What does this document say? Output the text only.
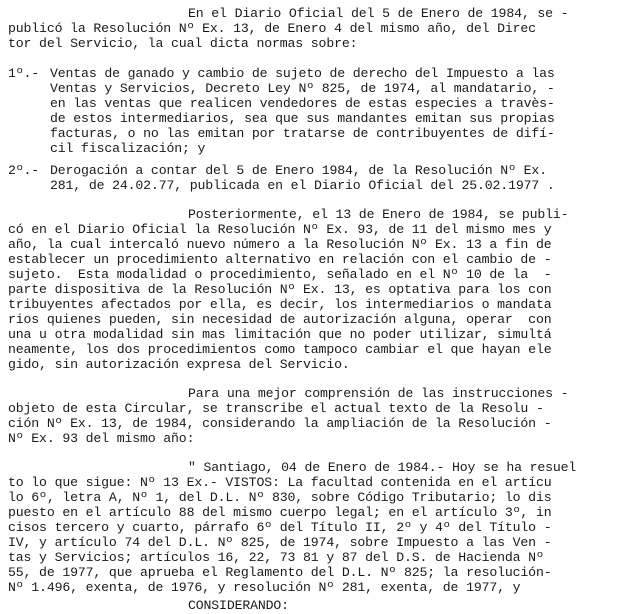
En el Diario Oficial del 5 de Enero de 1984, se -
publicó la Resolución Nº Ex. 13, de Enero 4 del mismo año, del Direc
tor del Servicio, la cual dicta normas sobre:
1º.- Ventas de ganado y cambio de sujeto de derecho del Impuesto a las
Ventas y Servicios, Decreto Ley Nº 825, de 1974, al mandatario, -
en las ventas que realicen vendedores de estas especies a travès-
de estos intermediarios, sea que sus mandantes emitan sus propias
facturas, o no las emitan por tratarse de contribuyentes de difí-
cil fiscalización; y
2º.- Derogación a contar del 5 de Enero 1984, de la Resolución Nº Ex.
281, de 24.02.77, publicada en el Diario Oficial del 25.02.1977 .
Posteriormente, el 13 de Enero de 1984, se publi-
có en el Diario Oficial la Resolución Nº Ex. 93, de 11 del mismo mes y
año, la cual intercaló nuevo número a la Resolución Nº Ex. 13 a fin de
establecer un procedimiento alternativo en relación con el cambio de -
sujeto.  Esta modalidad o procedimiento, señalado en el Nº 10 de la  -
parte dispositiva de la Resolución Nº Ex. 13, es optativa para los con
tribuyentes afectados por ella, es decir, los intermediarios o mandata
rios quienes pueden, sin necesidad de autorización alguna, operar  con
una u otra modalidad sin mas limitación que no poder utilizar, simultá
neamente, los dos procedimientos como tampoco cambiar el que hayan ele
gido, sin autorización expresa del Servicio.
Para una mejor comprensión de las instrucciones -
objeto de esta Circular, se transcribe el actual texto de la Resolu -
ción Nº Ex. 13, de 1984, considerando la ampliación de la Resolución -
Nº Ex. 93 del mismo año:
" Santiago, 04 de Enero de 1984.- Hoy se ha resuel
to lo que sigue: Nº 13 Ex.- VISTOS: La facultad contenida en el artícu
lo 6º, letra A, Nº 1, del D.L. Nº 830, sobre Código Tributario; lo dis
puesto en el artículo 88 del mismo cuerpo legal; en el artículo 3º, in
cisos tercero y cuarto, párrafo 6º del Título II, 2º y 4º del Título -
IV, y artículo 74 del D.L. Nº 825, de 1974, sobre Impuesto a las Ven -
tas y Servicios; artículos 16, 22, 73 81 y 87 del D.S. de Hacienda Nº
55, de 1977, que aprueba el Reglamento del D.L. Nº 825; la resolución-
Nº 1.496, exenta, de 1976, y resolución Nº 281, exenta, de 1977, y
CONSIDERANDO:
